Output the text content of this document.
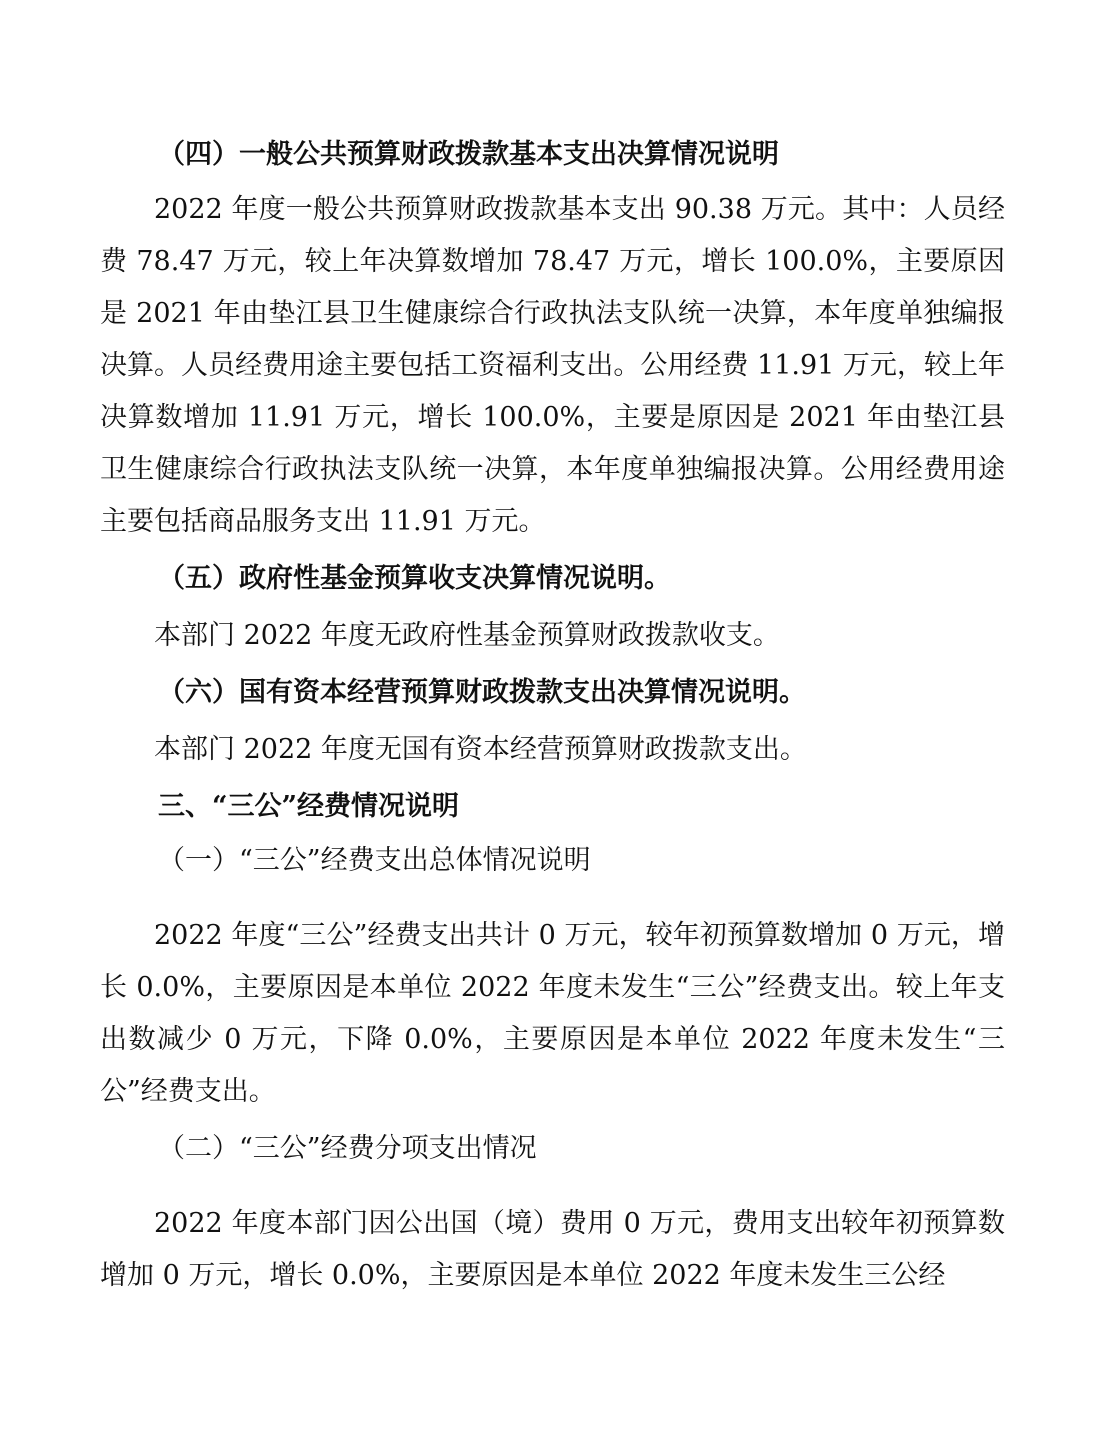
（四）一般公共预算财政拨款基本支出决算情况说明

2022 年度一般公共预算财政拨款基本支出 90.38 万元。其中：人员经费 78.47 万元，较上年决算数增加 78.47 万元，增长 100.0%，主要原因是 2021 年由垫江县卫生健康综合行政执法支队统一决算，本年度单独编报决算。人员经费用途主要包括工资福利支出。公用经费 11.91 万元，较上年决算数增加 11.91 万元，增长 100.0%，主要是原因是 2021 年由垫江县卫生健康综合行政执法支队统一决算，本年度单独编报决算。公用经费用途主要包括商品服务支出 11.91 万元。

（五）政府性基金预算收支决算情况说明。

本部门 2022 年度无政府性基金预算财政拨款收支。

（六）国有资本经营预算财政拨款支出决算情况说明。

本部门 2022 年度无国有资本经营预算财政拨款支出。

三、“三公”经费情况说明

（一）“三公”经费支出总体情况说明

2022 年度“三公”经费支出共计 0 万元，较年初预算数增加 0 万元，增长 0.0%，主要原因是本单位 2022 年度未发生“三公”经费支出。较上年支出数减少 0 万元，下降 0.0%，主要原因是本单位 2022 年度未发生“三公”经费支出。

（二）“三公”经费分项支出情况

2022 年度本部门因公出国（境）费用 0 万元，费用支出较年初预算数增加 0 万元，增长 0.0%，主要原因是本单位 2022 年度未发生三公经
